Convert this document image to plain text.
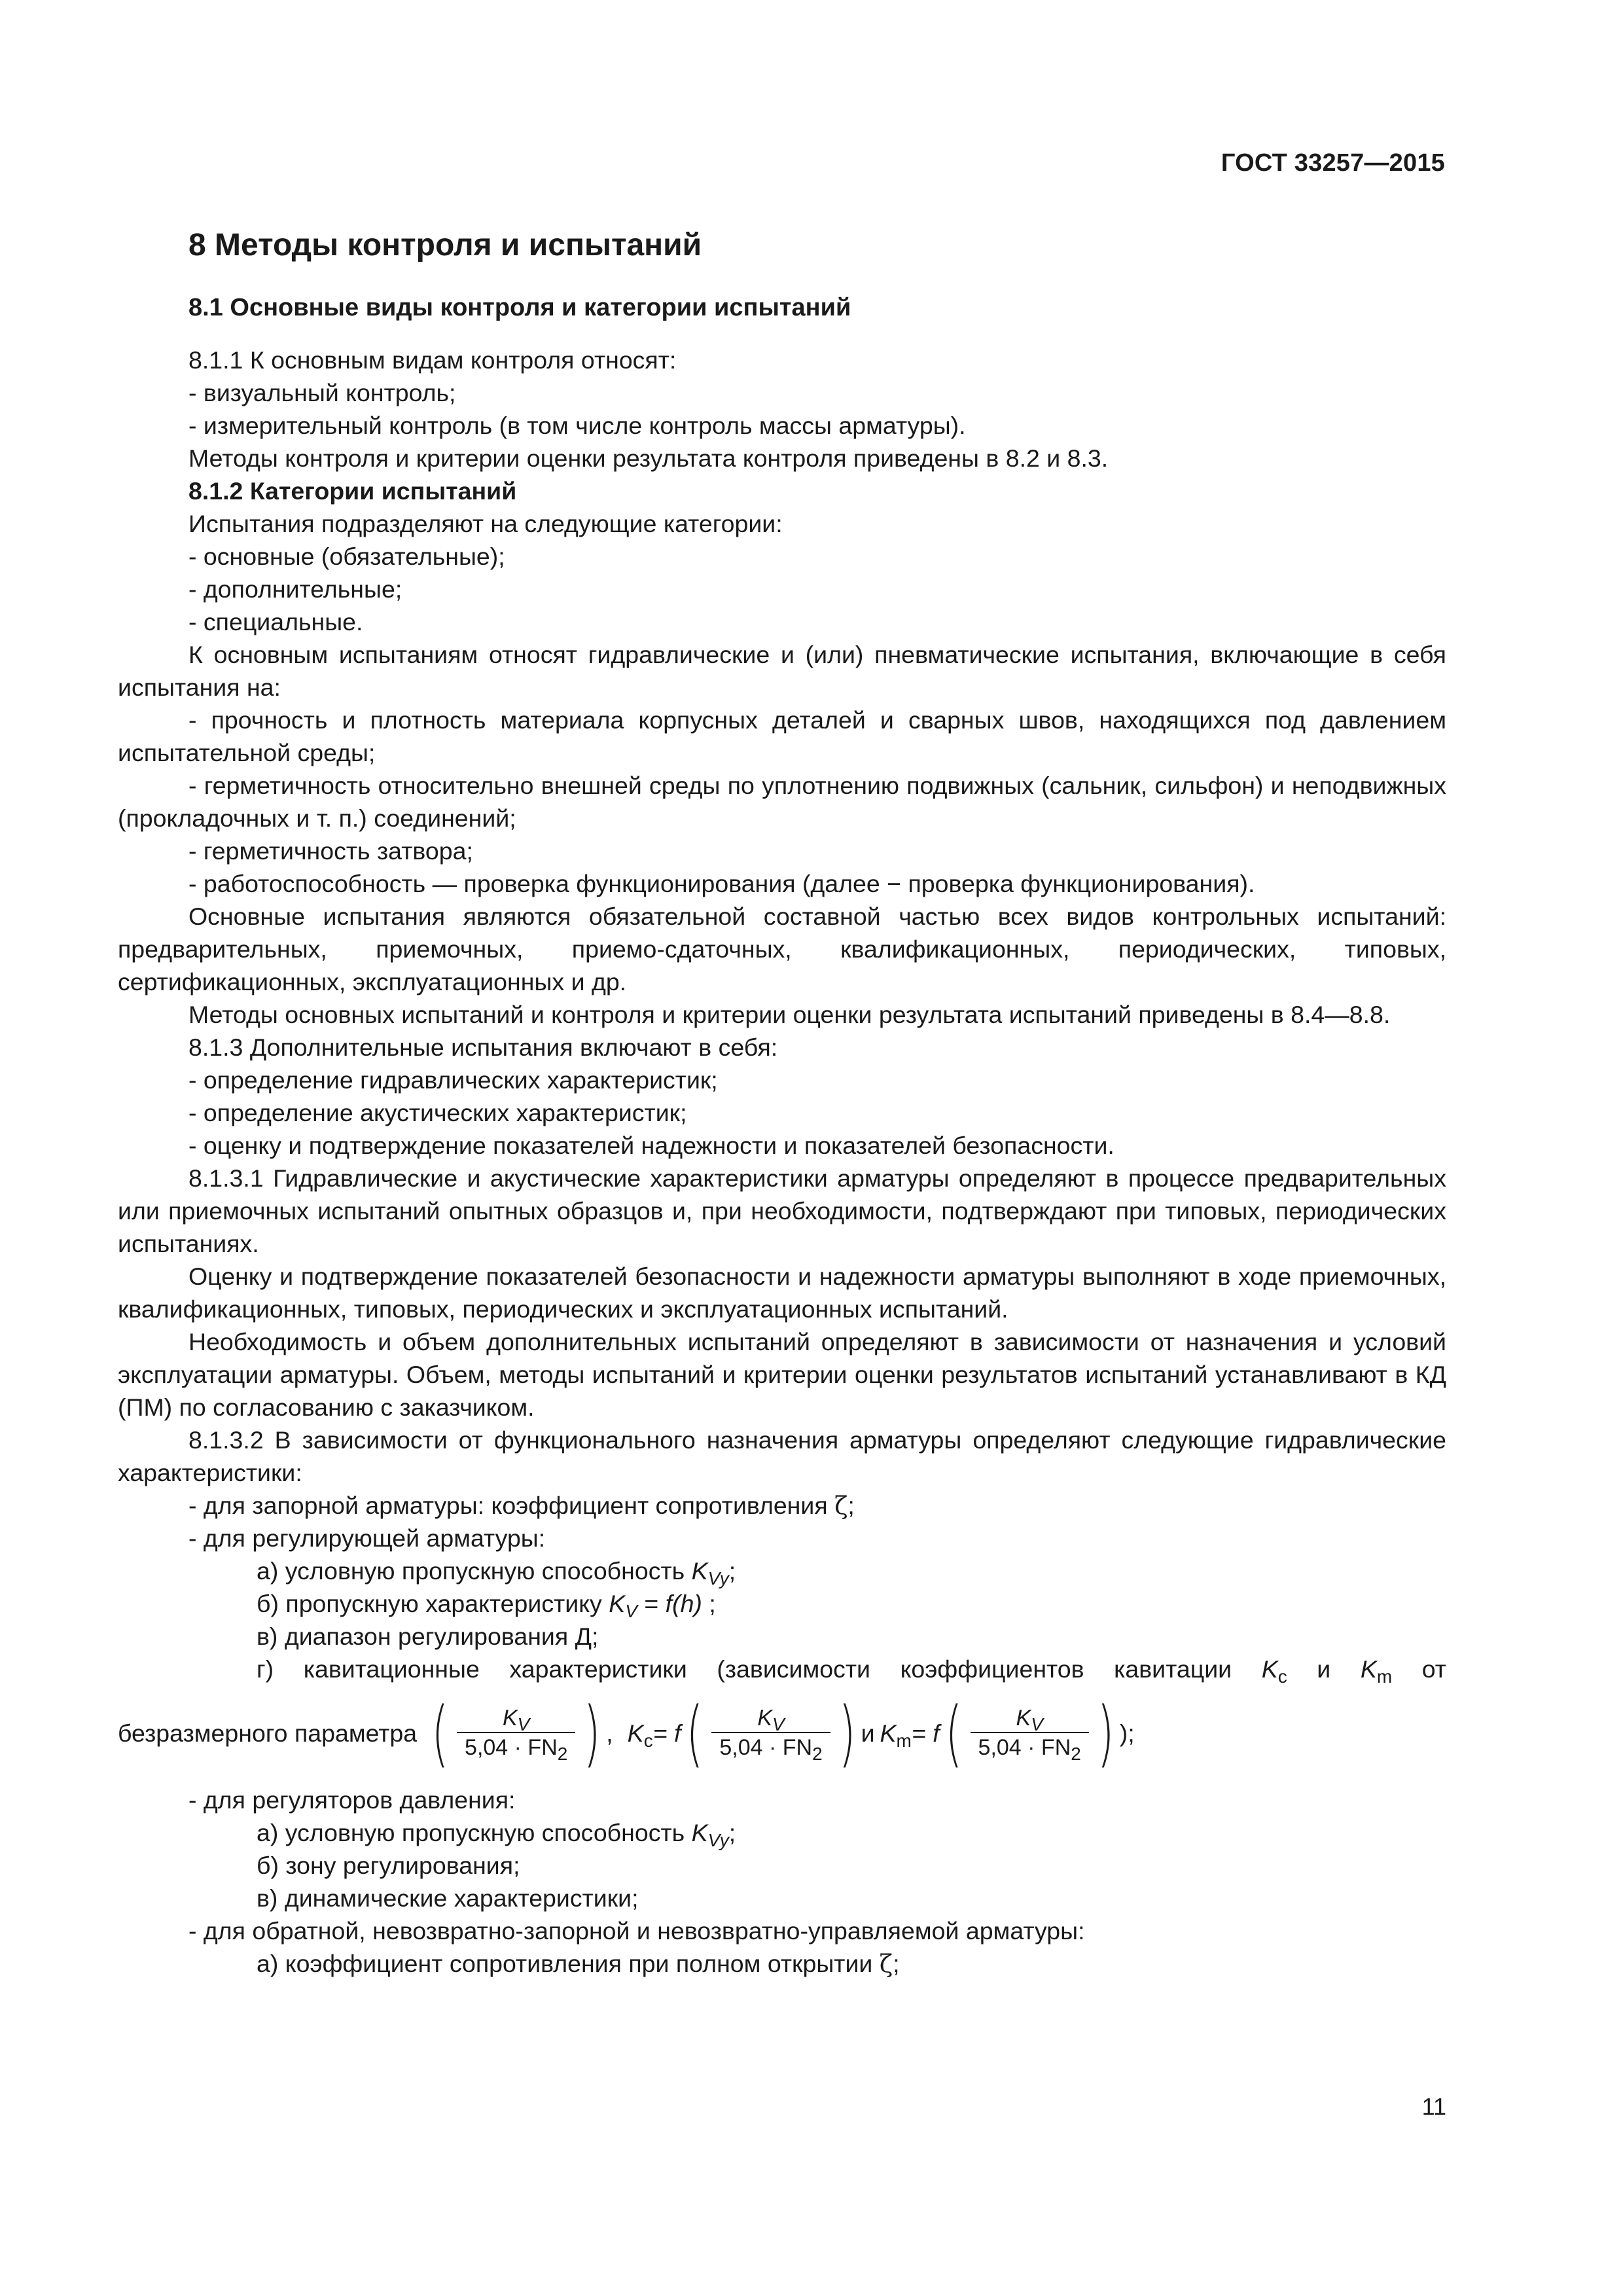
ГОСТ 33257—2015
8 Методы контроля и испытаний
8.1 Основные виды контроля и категории испытаний

8.1.1 К основным видам контроля относят:

- визуальный контроль;

- измерительный контроль (в том числе контроль массы арматуры).

Методы контроля и критерии оценки результата контроля приведены в 8.2 и 8.3.

8.1.2 Категории испытаний

Испытания подразделяют на следующие категории:

- основные (обязательные);

- дополнительные;

- специальные.

К основным испытаниям относят гидравлические и (или) пневматические испытания, включающие в себя испытания на:

- прочность и плотность материала корпусных деталей и сварных швов, находящихся под давлением испытательной среды;

- герметичность относительно внешней среды по уплотнению подвижных (сальник, сильфон) и неподвижных (прокладочных и т. п.) соединений;

- герметичность затвора;

- работоспособность — проверка функционирования (далее − проверка функционирования).

Основные испытания являются обязательной составной частью всех видов контрольных испытаний: предварительных, приемочных, приемо-сдаточных, квалификационных, периодических, типовых, сертификационных, эксплуатационных и др.

Методы основных испытаний и контроля и критерии оценки результата испытаний приведены в 8.4—8.8.

8.1.3 Дополнительные испытания включают в себя:

- определение гидравлических характеристик;

- определение акустических характеристик;

- оценку и подтверждение показателей надежности и показателей безопасности.

8.1.3.1 Гидравлические и акустические характеристики арматуры определяют в процессе предварительных или приемочных испытаний опытных образцов и, при необходимости, подтверждают при типовых, периодических испытаниях.

Оценку и подтверждение показателей безопасности и надежности арматуры выполняют в ходе приемочных, квалификационных, типовых, периодических и эксплуатационных испытаний.

Необходимость и объем дополнительных испытаний определяют в зависимости от назначения и условий эксплуатации арматуры. Объем, методы испытаний и критерии оценки результатов испытаний устанавливают в КД (ПМ) по согласованию с заказчиком.

8.1.3.2 В зависимости от функционального назначения арматуры определяют следующие гидравлические характеристики:

- для запорной арматуры: коэффициент сопротивления ζ;

- для регулирующей арматуры:

а) условную пропускную способность $K_{Vy}$;

б) пропускную характеристику $K_V = f(h)$ ;

в) диапазон регулирования Д;

г) кавитационные характеристики (зависимости коэффициентов кавитации $K_c$ и $K_m$ от

безразмерного параметра ( $\frac{K_V}{5,04 \cdot FN_2}$ ) , $K_c = f$ ( $\frac{K_V}{5,04 \cdot FN_2}$ ) и $K_m = f$ ( $\frac{K_V}{5,04 \cdot FN_2}$ ) );

- для регуляторов давления:

а) условную пропускную способность $K_{Vy}$;

б) зону регулирования;

в) динамические характеристики;

- для обратной, невозвратно-запорной и невозвратно-управляемой арматуры:

а) коэффициент сопротивления при полном открытии ζ;

11
